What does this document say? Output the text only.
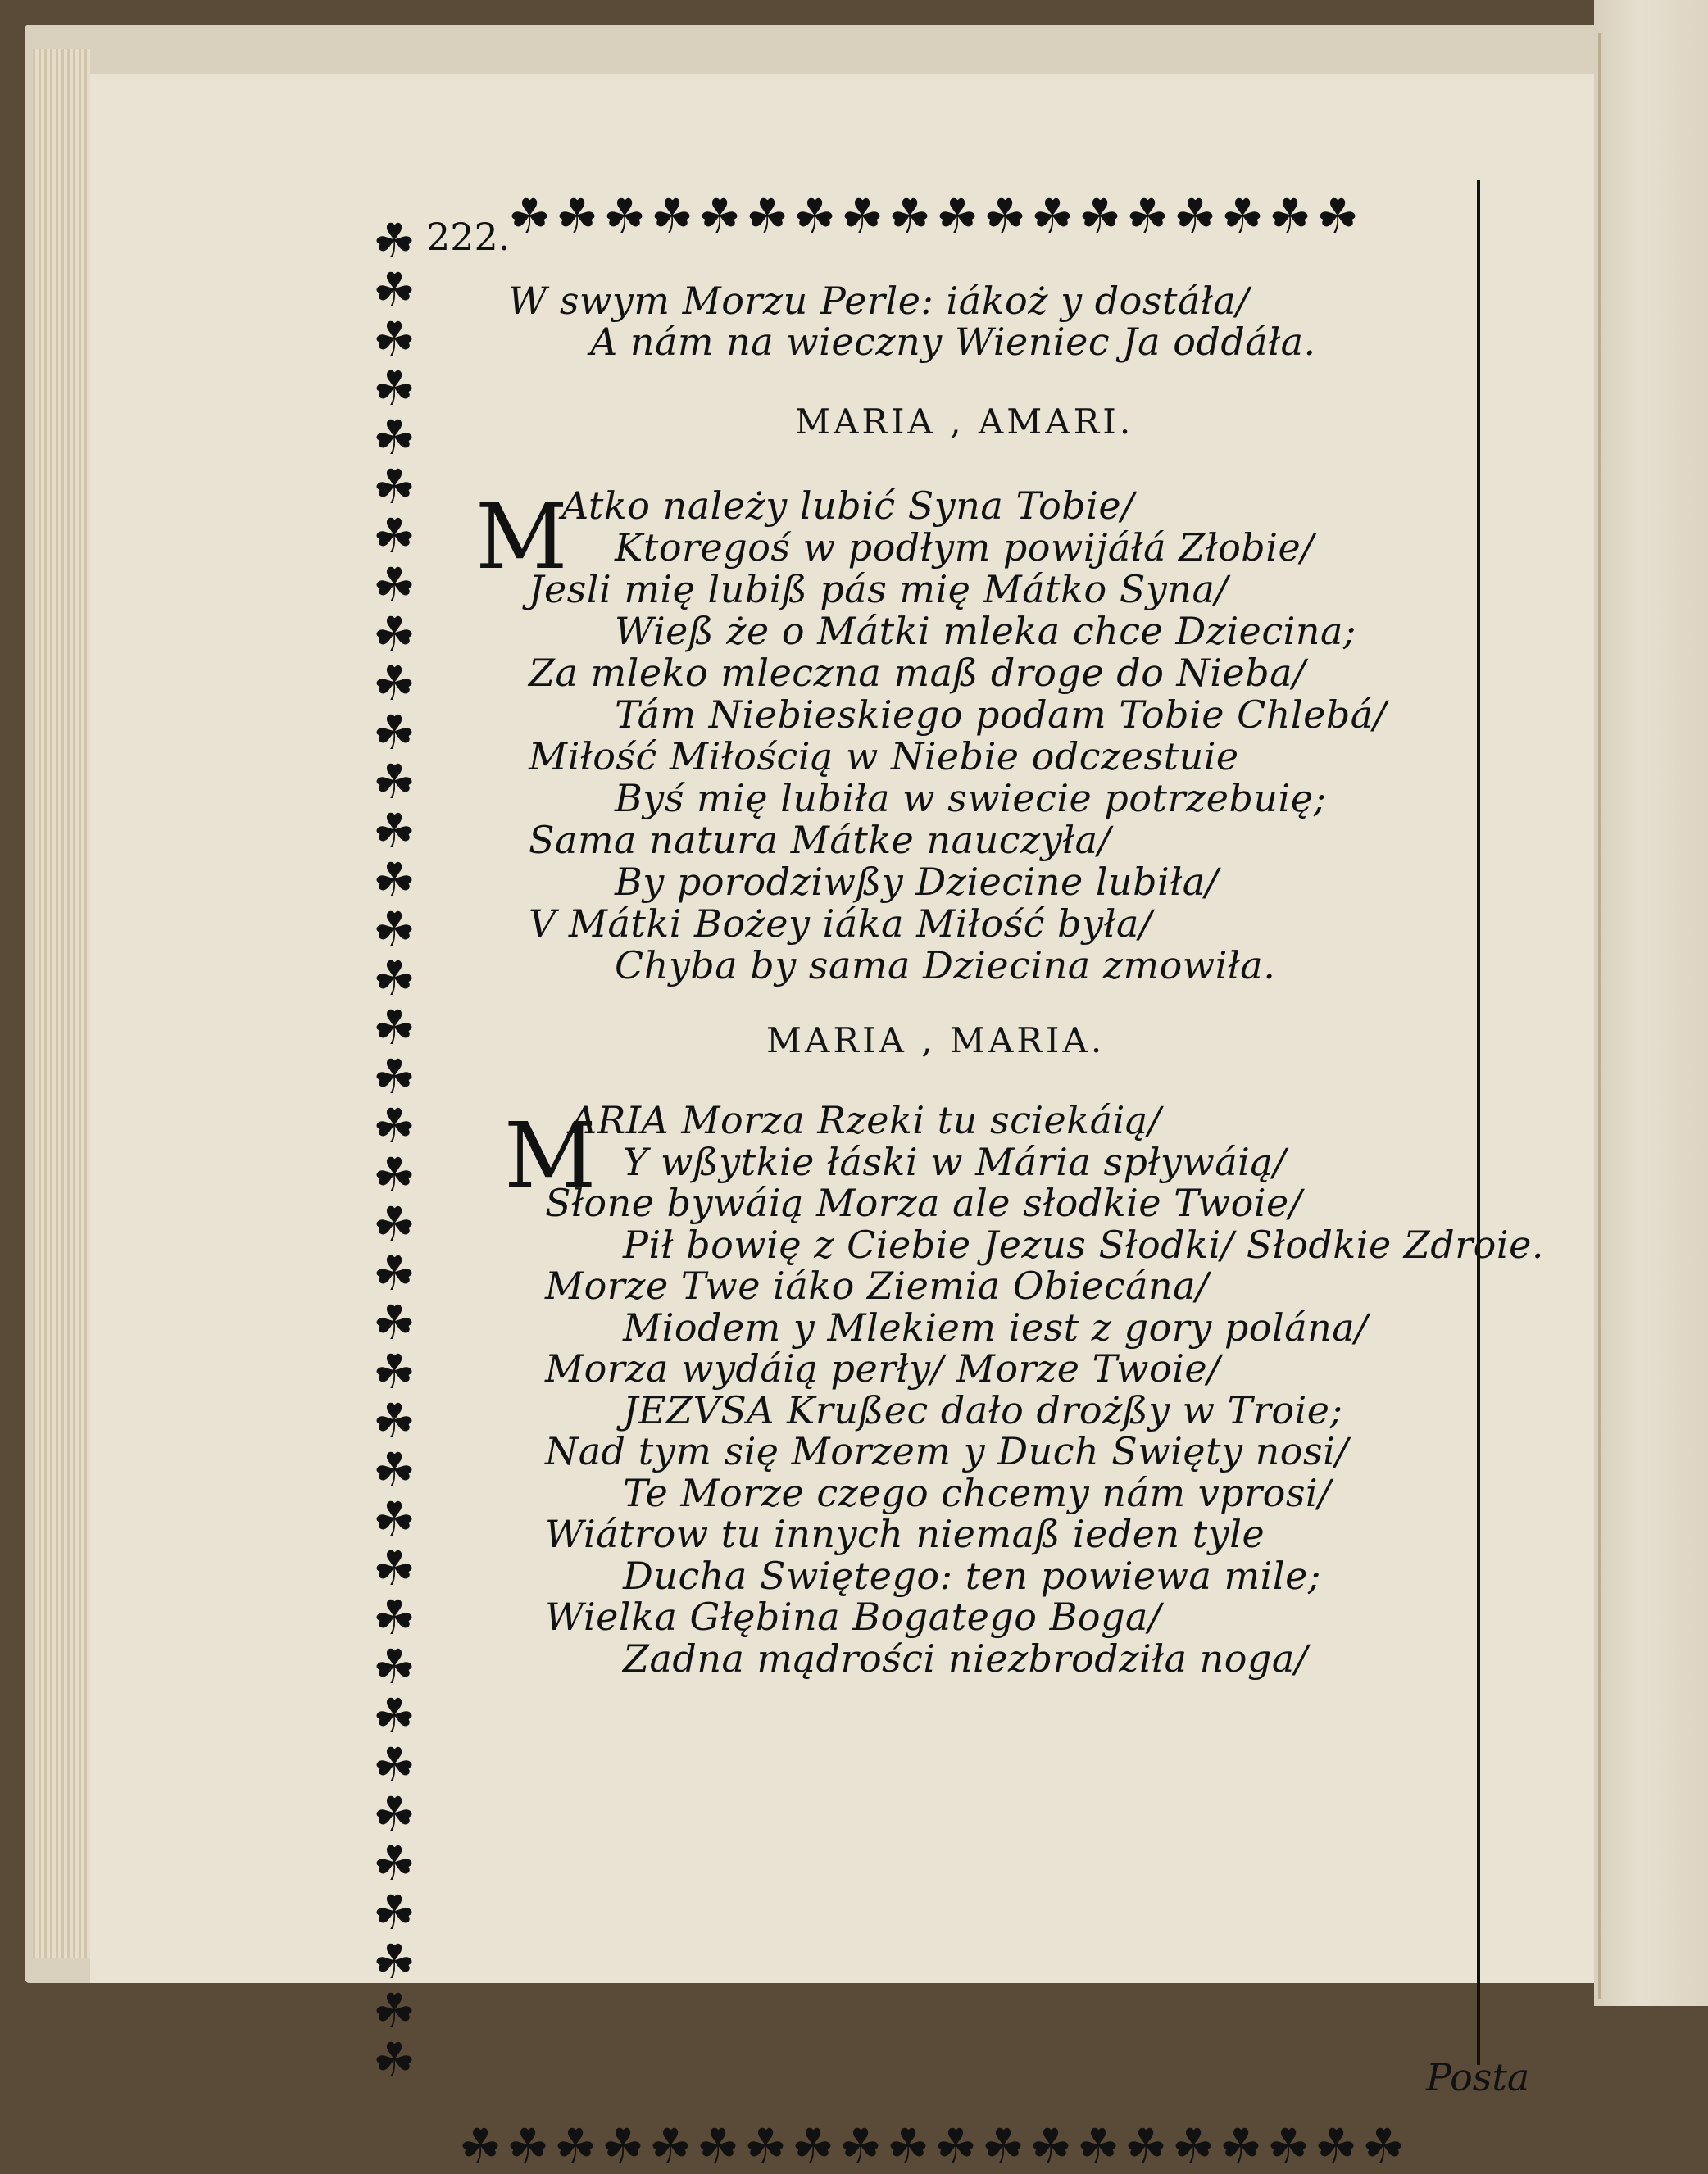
☘ ☘ ☘ ☘ ☘ ☘ ☘ ☘ ☘ ☘ ☘ ☘ ☘ ☘ ☘ ☘ ☘ ☘
☘ ☘ ☘ ☘ ☘ ☘ ☘ ☘ ☘ ☘ ☘ ☘ ☘ ☘ ☘ ☘ ☘ ☘ ☘ ☘
☘
☘
☘
☘
☘
☘
☘
☘
☘
☘
☘
☘
☘
☘
☘
☘
☘
☘
☘
☘
☘
☘
☘
☘
☘
☘
☘
☘
☘
☘
☘
☘
☘
☘
☘
☘
☘
☘
222.
W swym Morzu Perle: iákoż y dostáła/
A nám na wieczny Wieniec Ja oddáła.
MARIA , AMARI.
M
Atko należy lubić Syna Tobie/
Ktoregoś w podłym powijáłá Złobie/
Jesli mię lubiß pás mię Mátko Syna/
Wieß że o Mátki mleka chce Dziecina;
Za mleko mleczna maß droge do Nieba/
Tám Niebieskiego podam Tobie Chlebá/
Miłość Miłością w Niebie odczestuie
Byś mię lubiła w swiecie potrzebuię;
Sama natura Mátke nauczyła/
By porodziwßy Dziecine lubiła/
V Mátki Bożey iáka Miłość była/
Chyba by sama Dziecina zmowiła.
MARIA , MARIA.
M
ARIA Morza Rzeki tu sciekáią/
Y wßytkie łáski w Mária spływáią/
Słone bywáią Morza ale słodkie Twoie/
Pił bowię z Ciebie Jezus Słodki/ Słodkie Zdroie.
Morze Twe iáko Ziemia Obiecána/
Miodem y Mlekiem iest z gory polána/
Morza wydáią perły/ Morze Twoie/
JEZVSA Krußec dało drożßy w Troie;
Nad tym się Morzem y Duch Swięty nosi/
Te Morze czego chcemy nám vprosi/
Wiátrow tu innych niemaß ieden tyle
Ducha Swiętego: ten powiewa mile;
Wielka Głębina Bogatego Boga/
Zadna mądrości niezbrodziła noga/
Posta
